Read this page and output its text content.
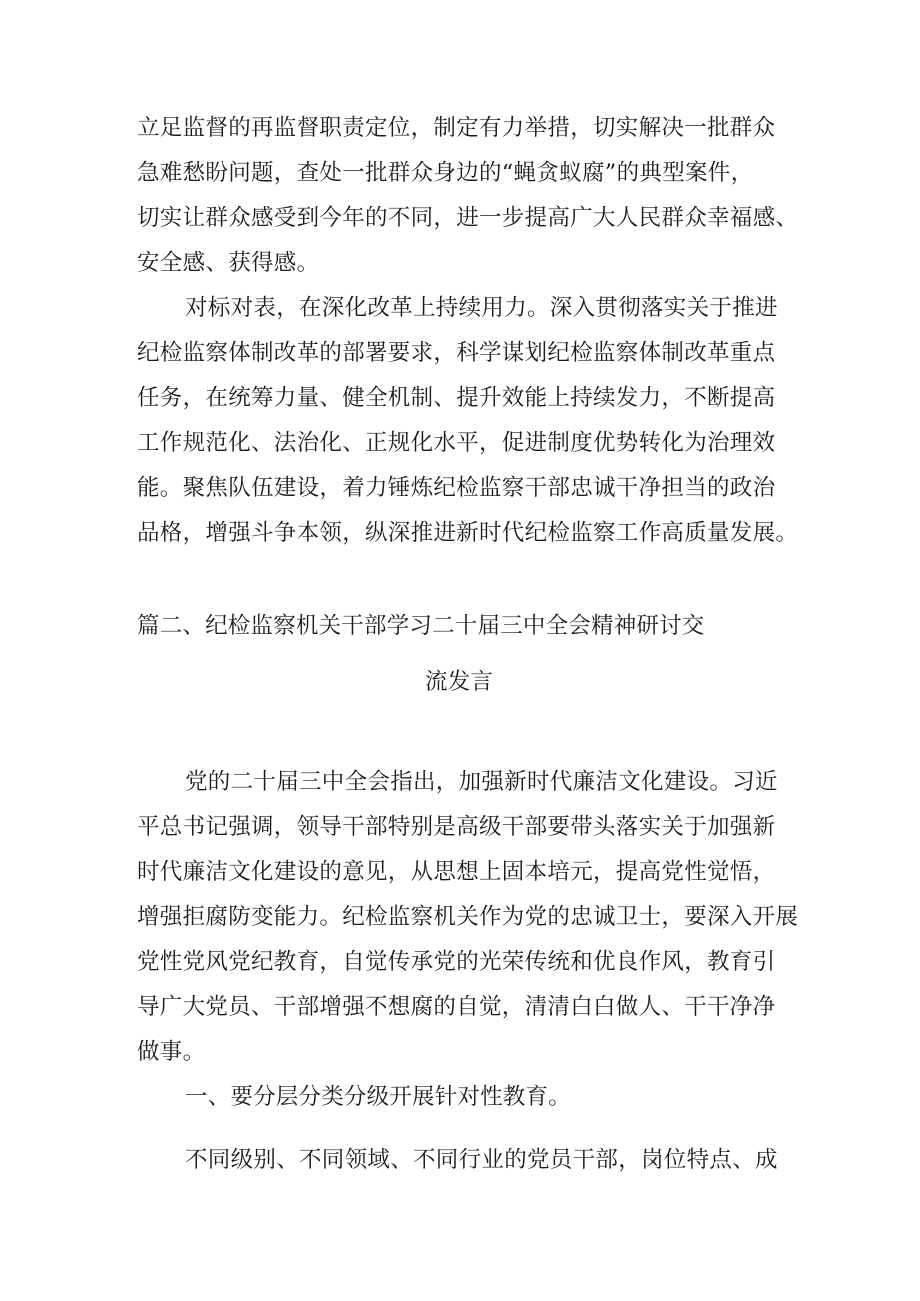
立足监督的再监督职责定位，制定有力举措，切实解决一批群众
急难愁盼问题，查处一批群众身边的“蝇贪蚁腐”的典型案件，
切实让群众感受到今年的不同，进一步提高广大人民群众幸福感、
安全感、获得感。
对标对表，在深化改革上持续用力。深入贯彻落实关于推进
纪检监察体制改革的部署要求，科学谋划纪检监察体制改革重点
任务，在统筹力量、健全机制、提升效能上持续发力，不断提高
工作规范化、法治化、正规化水平，促进制度优势转化为治理效
能。聚焦队伍建设，着力锤炼纪检监察干部忠诚干净担当的政治
品格，增强斗争本领，纵深推进新时代纪检监察工作高质量发展。
篇二、纪检监察机关干部学习二十届三中全会精神研讨交
流发言
党的二十届三中全会指出，加强新时代廉洁文化建设。习近
平总书记强调，领导干部特别是高级干部要带头落实关于加强新
时代廉洁文化建设的意见，从思想上固本培元，提高党性觉悟，
增强拒腐防变能力。纪检监察机关作为党的忠诚卫士，要深入开展
党性党风党纪教育，自觉传承党的光荣传统和优良作风，教育引
导广大党员、干部增强不想腐的自觉，清清白白做人、干干净净
做事。
一、要分层分类分级开展针对性教育。
不同级别、不同领域、不同行业的党员干部，岗位特点、成
